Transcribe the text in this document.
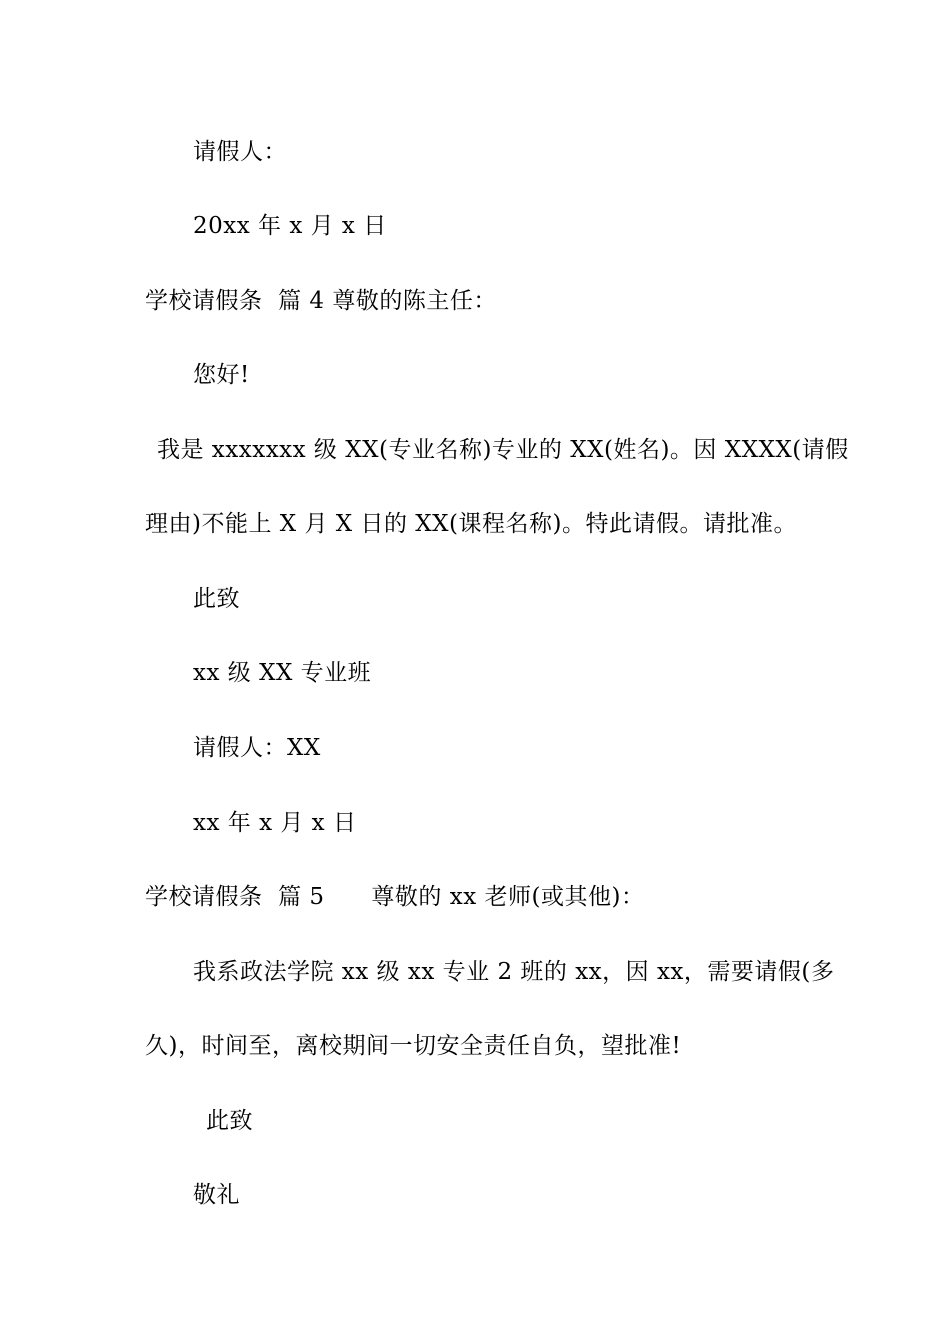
请假人：
20xx 年 x 月 x 日
学校请假条  篇 4 尊敬的陈主任：
您好!
我是 xxxxxxx 级 XX(专业名称)专业的 XX(姓名)。因 XXXX(请假
理由)不能上 X 月 X 日的 XX(课程名称)。特此请假。请批准。
此致
xx 级 XX 专业班
请假人：XX
xx 年 x 月 x 日
学校请假条  篇 5      尊敬的 xx 老师(或其他)：
我系政法学院 xx 级 xx 专业 2 班的 xx，因 xx，需要请假(多
久)，时间至，离校期间一切安全责任自负，望批准!
此致
敬礼
